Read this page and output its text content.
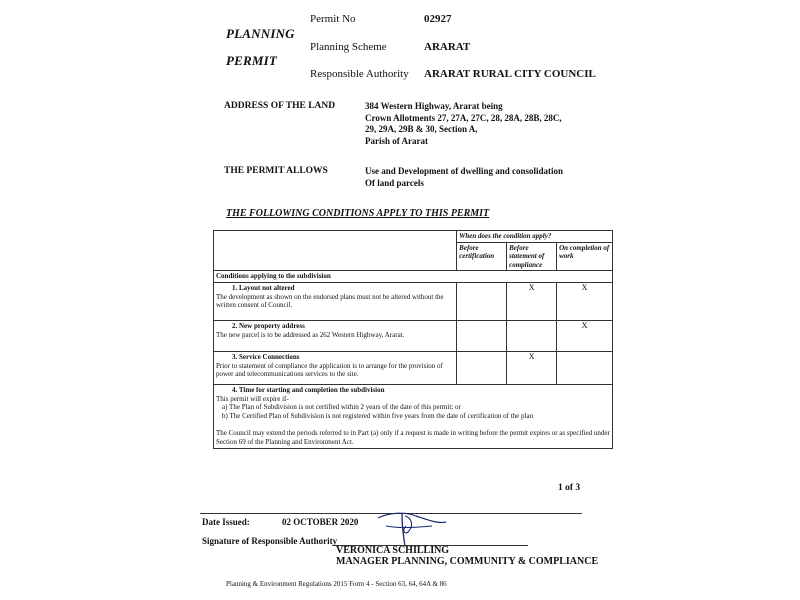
PLANNING
PERMIT
Permit No	02927
Planning Scheme	ARARAT
Responsible Authority ARARAT RURAL CITY COUNCIL
ADDRESS OF THE LAND	384 Western Highway, Ararat being
Crown Allotments 27, 27A, 27C, 28, 28A, 28B, 28C,
29, 29A, 29B & 30, Section A,
Parish of Ararat
THE PERMIT ALLOWS	Use and Development of dwelling and consolidation
Of land parcels
THE FOLLOWING CONDITIONS APPLY TO THIS PERMIT
	When does the condition apply?		
	Before certification	Before statement of compliance	On completion of work
Conditions applying to the subdivision			

1. Layout not altered
The development as shown on the endorsed plans must not be altered without the written consent of Council.		X	X

2. New property address
The new parcel is to be addressed as 262 Western Highway, Ararat.			X

3. Service Connections
Prior to statement of compliance the application is to arrange for the provision of power and telecommunications services to the site.		X	

4. Time for starting and completion the subdivision
This permit will expire if-
a) The Plan of Subdivision is not certified within 2 years of the date of this permit; or
b) The Certified Plan of Subdivision is not registered within five years from the date of certification of the plan
The Council may extend the periods referred to in Part (a) only if a request is made in writing before the permit expires or as specified under Section 69 of the Planning and Environment Act.			
1 of 3
Date Issued:	02 OCTOBER 2020
Signature of Responsible Authority
VERONICA SCHILLING
MANAGER PLANNING, COMMUNITY & COMPLIANCE
Planning & Environment Regulations 2015 Form 4 - Section 63, 64, 64A & 86
